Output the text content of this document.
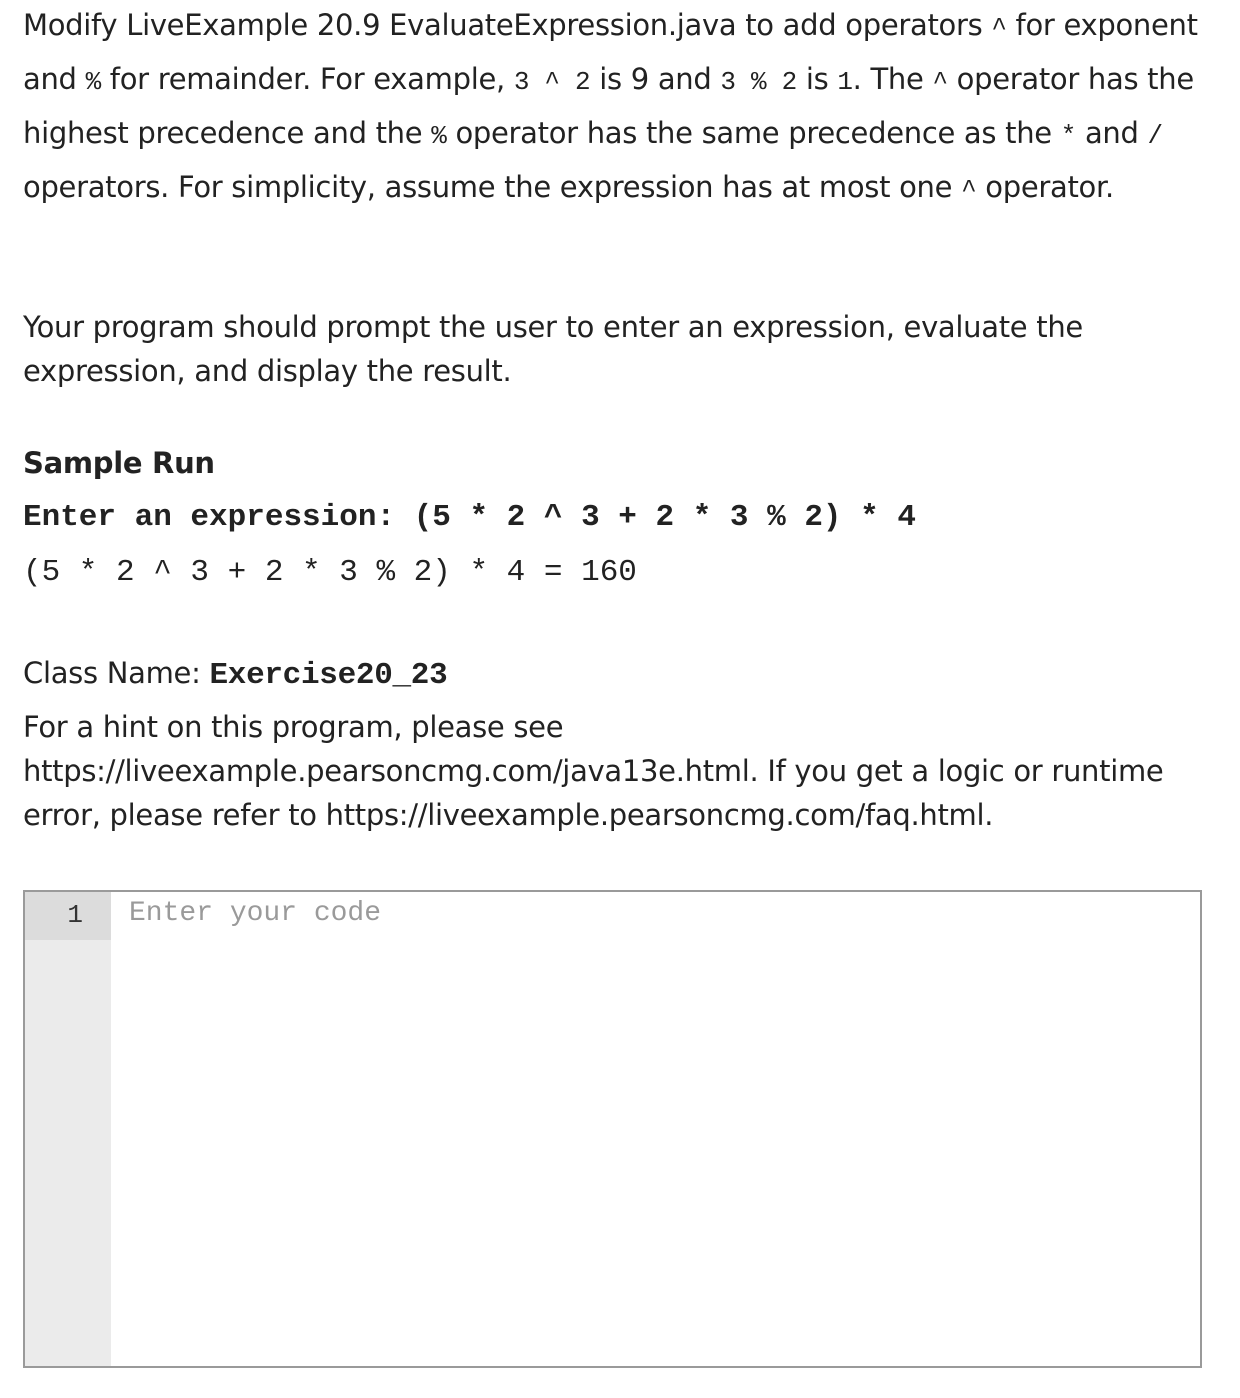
Modify LiveExample 20.9 EvaluateExpression.java to add operators ^ for exponent and % for remainder. For example, 3 ^ 2 is 9 and 3 % 2 is 1. The ^ operator has the highest precedence and the % operator has the same precedence as the * and / operators. For simplicity, assume the expression has at most one ^ operator.

Your program should prompt the user to enter an expression, evaluate the expression, and display the result.

Sample Run

Enter an expression: (5 * 2 ^ 3 + 2 * 3 % 2) * 4

(5 * 2 ^ 3 + 2 * 3 % 2) * 4 = 160

Class Name: Exercise20_23

For a hint on this program, please see https://liveexample.pearsoncmg.com/java13e.html. If you get a logic or runtime error, please refer to https://liveexample.pearsoncmg.com/faq.html.

1
Enter your code
